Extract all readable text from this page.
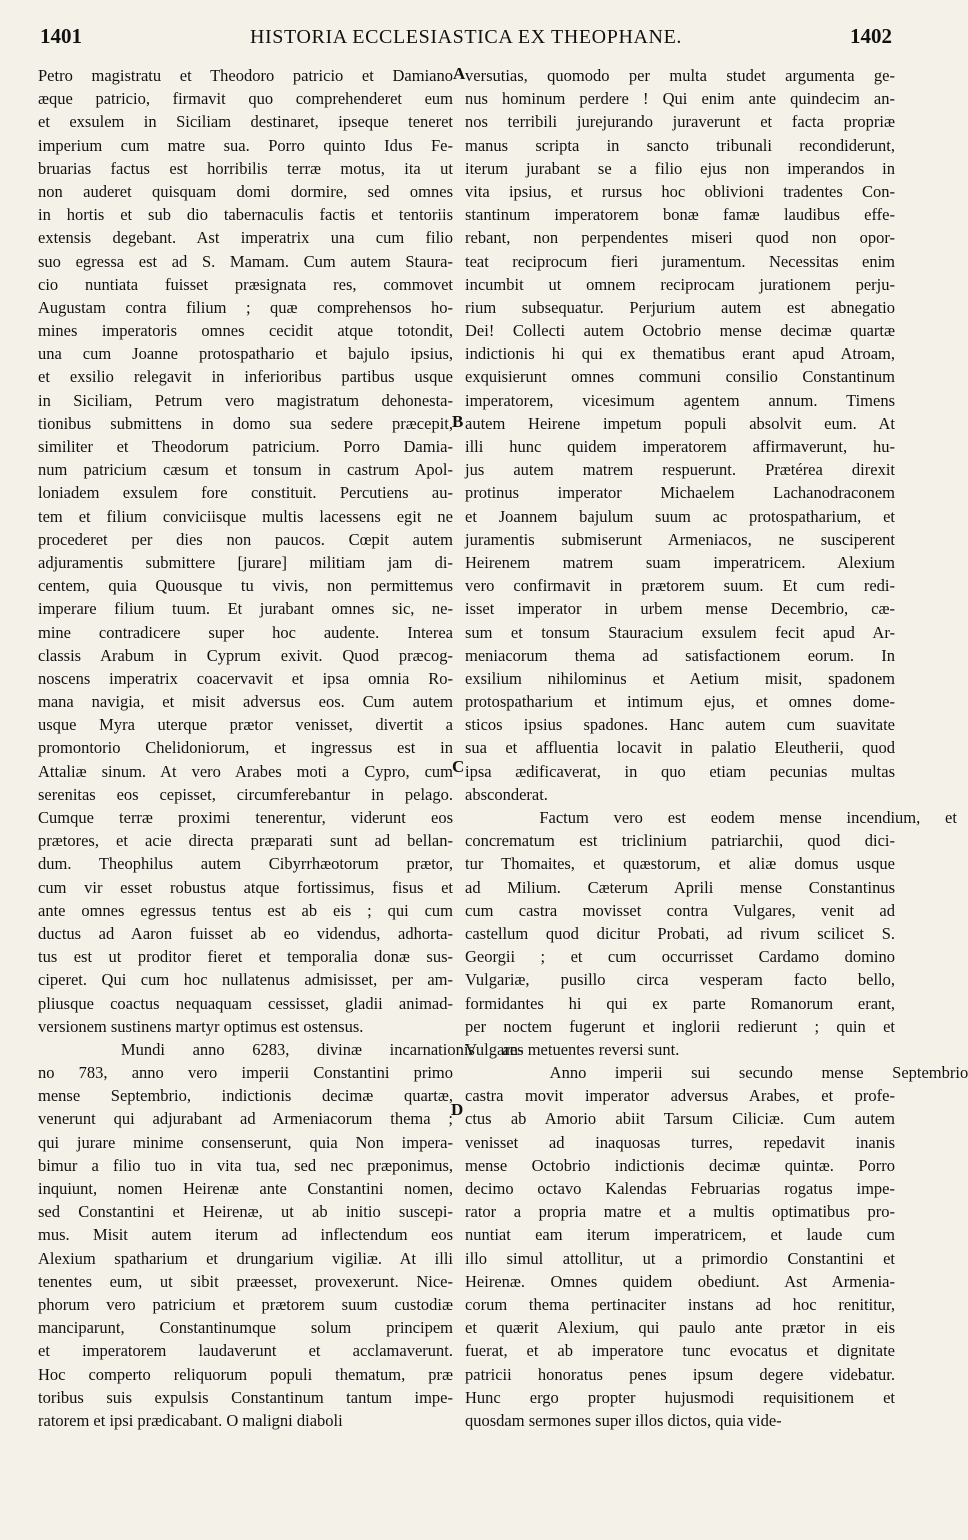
1401	HISTORIA ECCLESIASTICA EX THEOPHANE.	1402
A
B
C
D
Petro magistratu et Theodoro patricio et Damiano
æque patricio, firmavit quo comprehenderet eum
et exsulem in Siciliam destinaret, ipseque teneret
imperium cum matre sua. Porro quinto Idus Fe-
bruarias factus est horribilis terræ motus, ita ut
non auderet quisquam domi dormire, sed omnes
in hortis et sub dio tabernaculis factis et tentoriis
extensis degebant. Ast imperatrix una cum filio
suo egressa est ad S. Mamam. Cum autem Staura-
cio nuntiata fuisset præsignata res, commovet
Augustam contra filium ; quæ comprehensos ho-
mines imperatoris omnes cecidit atque totondit,
una cum Joanne protospathario et bajulo ipsius,
et exsilio relegavit in inferioribus partibus usque
in Siciliam, Petrum vero magistratum dehonesta-
tionibus submittens in domo sua sedere præcepit,
similiter et Theodorum patricium. Porro Damia-
num patricium cæsum et tonsum in castrum Apol-
loniadem exsulem fore constituit. Percutiens au-
tem et filium conviciisque multis lacessens egit ne
procederet per dies non paucos. Cœpit autem
adjuramentis submittere [jurare] militiam jam di-
centem, quia Quousque tu vivis, non permittemus
imperare filium tuum. Et jurabant omnes sic, ne-
mine contradicere super hoc audente. Interea
classis Arabum in Cyprum exivit. Quod præcog-
noscens imperatrix coacervavit et ipsa omnia Ro-
mana navigia, et misit adversus eos. Cum autem
usque Myra uterque prætor venisset, divertit a
promontorio Chelidoniorum, et ingressus est in
Attaliæ sinum. At vero Arabes moti a Cypro, cum
serenitas eos cepisset, circumferebantur in pelago.
Cumque terræ proximi tenerentur, viderunt eos
prætores, et acie directa præparati sunt ad bellan-
dum. Theophilus autem Cibyrrhæotorum prætor,
cum vir esset robustus atque fortissimus, fisus et
ante omnes egressus tentus est ab eis ; qui cum
ductus ad Aaron fuisset ab eo videndus, adhorta-
tus est ut proditor fieret et temporalia donæ sus-
ciperet. Qui cum hoc nullatenus admisisset, per am-
pliusque coactus nequaquam cessisset, gladii animad-
versionem sustinens martyr optimus est ostensus.
Mundi anno 6283, divinæ incarnationis an-
no 783, anno vero imperii Constantini primo
mense Septembrio, indictionis decimæ quartæ,
venerunt qui adjurabant ad Armeniacorum thema ;
qui jurare minime consenserunt, quia Non impera-
bimur a filio tuo in vita tua, sed nec præponimus,
inquiunt, nomen Heirenæ ante Constantini nomen,
sed Constantini et Heirenæ, ut ab initio suscepi-
mus. Misit autem iterum ad inflectendum eos
Alexium spatharium et drungarium vigiliæ. At illi
tenentes eum, ut sibit præesset, provexerunt. Nice-
phorum vero patricium et prætorem suum custodiæ
manciparunt, Constantinumque solum principem
et imperatorem laudaverunt et acclamaverunt.
Hoc comperto reliquorum populi thematum, præ
toribus suis expulsis Constantinum tantum impe-
ratorem et ipsi prædicabant. O maligni diaboli
versutias, quomodo per multa studet argumenta ge-
nus hominum perdere ! Qui enim ante quindecim an-
nos terribili jurejurando juraverunt et facta propriæ
manus scripta in sancto tribunali recondiderunt,
iterum jurabant se a filio ejus non imperandos in
vita ipsius, et rursus hoc oblivioni tradentes Con-
stantinum imperatorem bonæ famæ laudibus effe-
rebant, non perpendentes miseri quod non opor-
teat reciprocum fieri juramentum. Necessitas enim
incumbit ut omnem reciprocam jurationem perju-
rium subsequatur. Perjurium autem est abnegatio
Dei! Collecti autem Octobrio mense decimæ quartæ
indictionis hi qui ex thematibus erant apud Atroam,
exquisierunt omnes communi consilio Constantinum
imperatorem, vicesimum agentem annum. Timens
autem Heirene impetum populi absolvit eum. At
illi hunc quidem imperatorem affirmaverunt, hu-
jus autem matrem respuerunt. Prætérea direxit
protinus imperator Michaelem Lachanodraconem
et Joannem bajulum suum ac protospatharium, et
juramentis submiserunt Armeniacos, ne susciperent
Heirenem matrem suam imperatricem. Alexium
vero confirmavit in prætorem suum. Et cum redi-
isset imperator in urbem mense Decembrio, cæ-
sum et tonsum Stauracium exsulem fecit apud Ar-
meniacorum thema ad satisfactionem eorum. In
exsilium nihilominus et Aetium misit, spadonem
protospatharium et intimum ejus, et omnes dome-
sticos ipsius spadones. Hanc autem cum suavitate
sua et affluentia locavit in palatio Eleutherii, quod
ipsa ædificaverat, in quo etiam pecunias multas
absconderat.
Factum vero est eodem mense incendium, et
concrematum est triclinium patriarchii, quod dici-
tur Thomaites, et quæstorum, et aliæ domus usque
ad Milium. Cæterum Aprili mense Constantinus
cum castra movisset contra Vulgares, venit ad
castellum quod dicitur Probati, ad rivum scilicet S.
Georgii ; et cum occurrisset Cardamo domino
Vulgariæ, pusillo circa vesperam facto bello,
formidantes hi qui ex parte Romanorum erant,
per noctem fugerunt et inglorii redierunt ; quin et
Vulgares metuentes reversi sunt.
Anno imperii sui secundo mense Septembrio
castra movit imperator adversus Arabes, et profe-
ctus ab Amorio abiit Tarsum Ciliciæ. Cum autem
venisset ad inaquosas turres, repedavit inanis
mense Octobrio indictionis decimæ quintæ. Porro
decimo octavo Kalendas Februarias rogatus impe-
rator a propria matre et a multis optimatibus pro-
nuntiat eam iterum imperatricem, et laude cum
illo simul attollitur, ut a primordio Constantini et
Heirenæ. Omnes quidem obediunt. Ast Armenia-
corum thema pertinaciter instans ad hoc renititur,
et quærit Alexium, qui paulo ante prætor in eis
fuerat, et ab imperatore tunc evocatus et dignitate
patricii honoratus penes ipsum degere videbatur.
Hunc ergo propter hujusmodi requisitionem et
quosdam sermones super illos dictos, quia vide-
